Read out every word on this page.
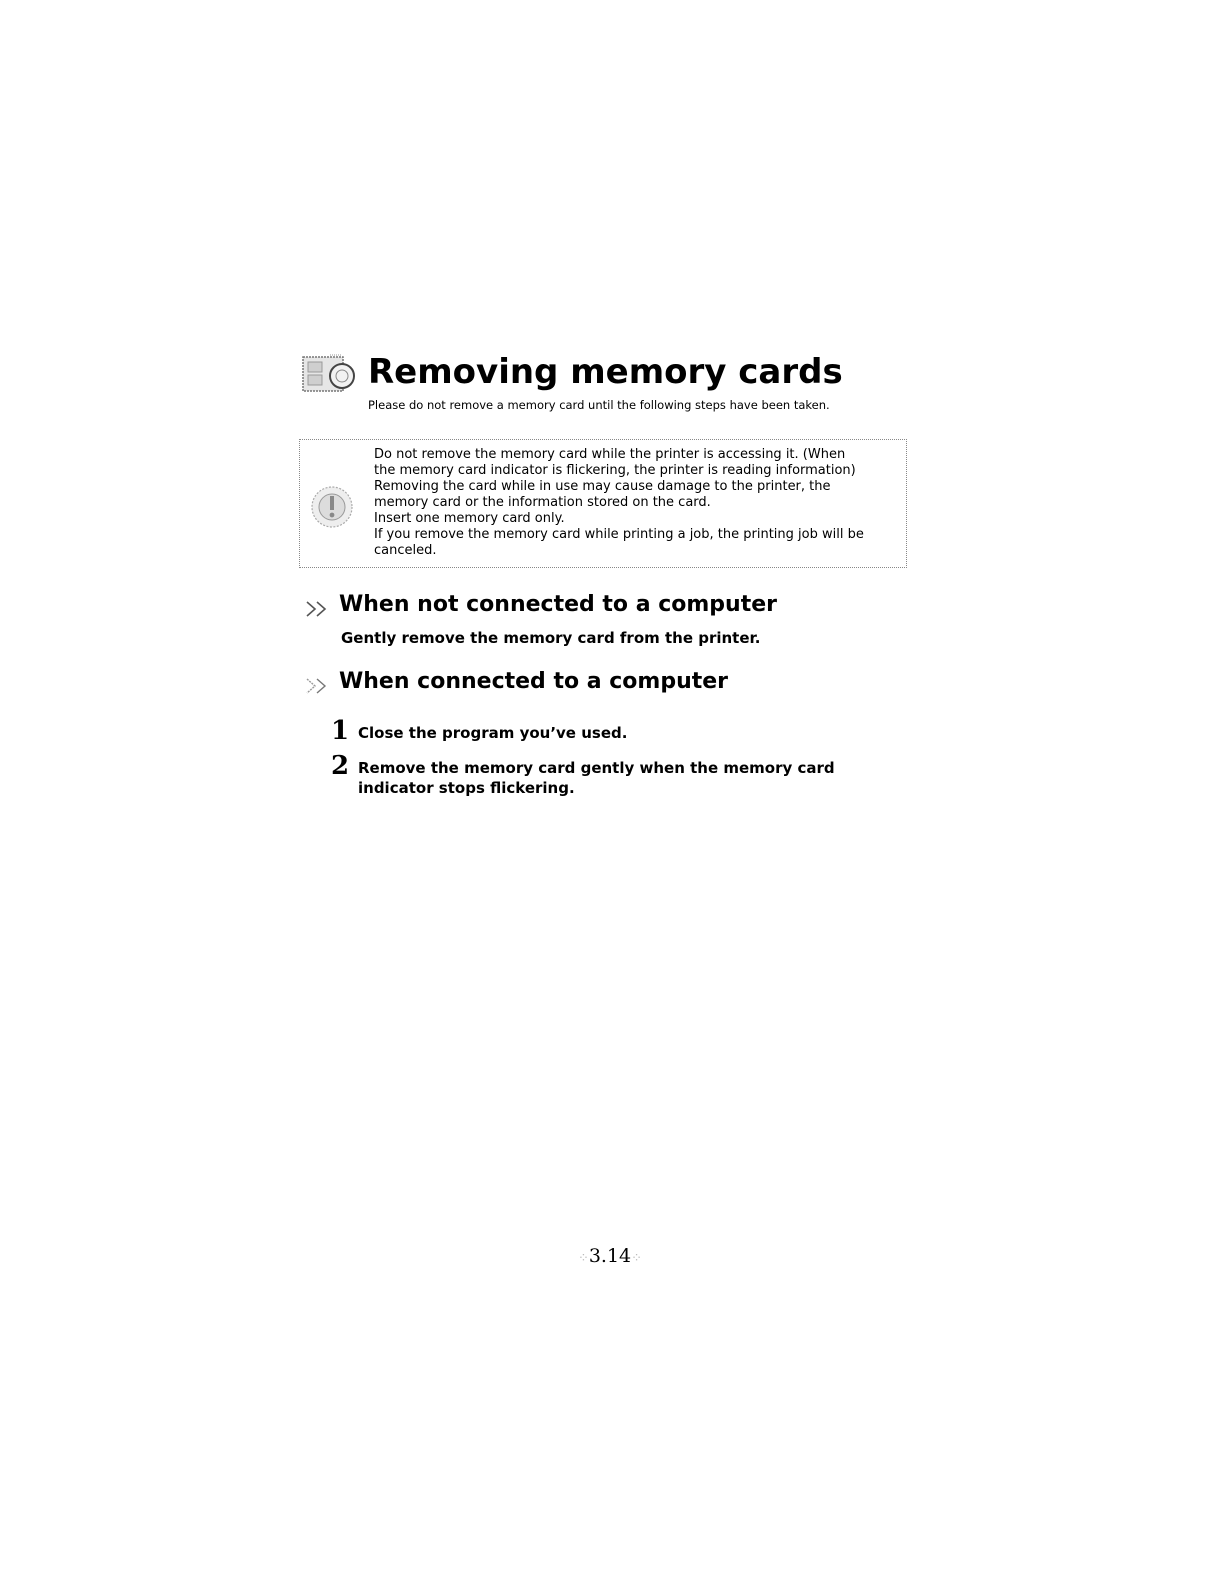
Removing memory cards
Please do not remove a memory card until the following steps have been taken.
Do not remove the memory card while the printer is accessing it. (When
the memory card indicator is flickering, the printer is reading information)
Removing the card while in use may cause damage to the printer, the
memory card or the information stored on the card.
Insert one memory card only.
If you remove the memory card while printing a job, the printing job will be
canceled.
When not connected to a computer
Gently remove the memory card from the printer.
When connected to a computer
1 Close the program you’ve used.
2 Remove the memory card gently when the memory card
indicator stops flickering.
⁘3.14⁘
